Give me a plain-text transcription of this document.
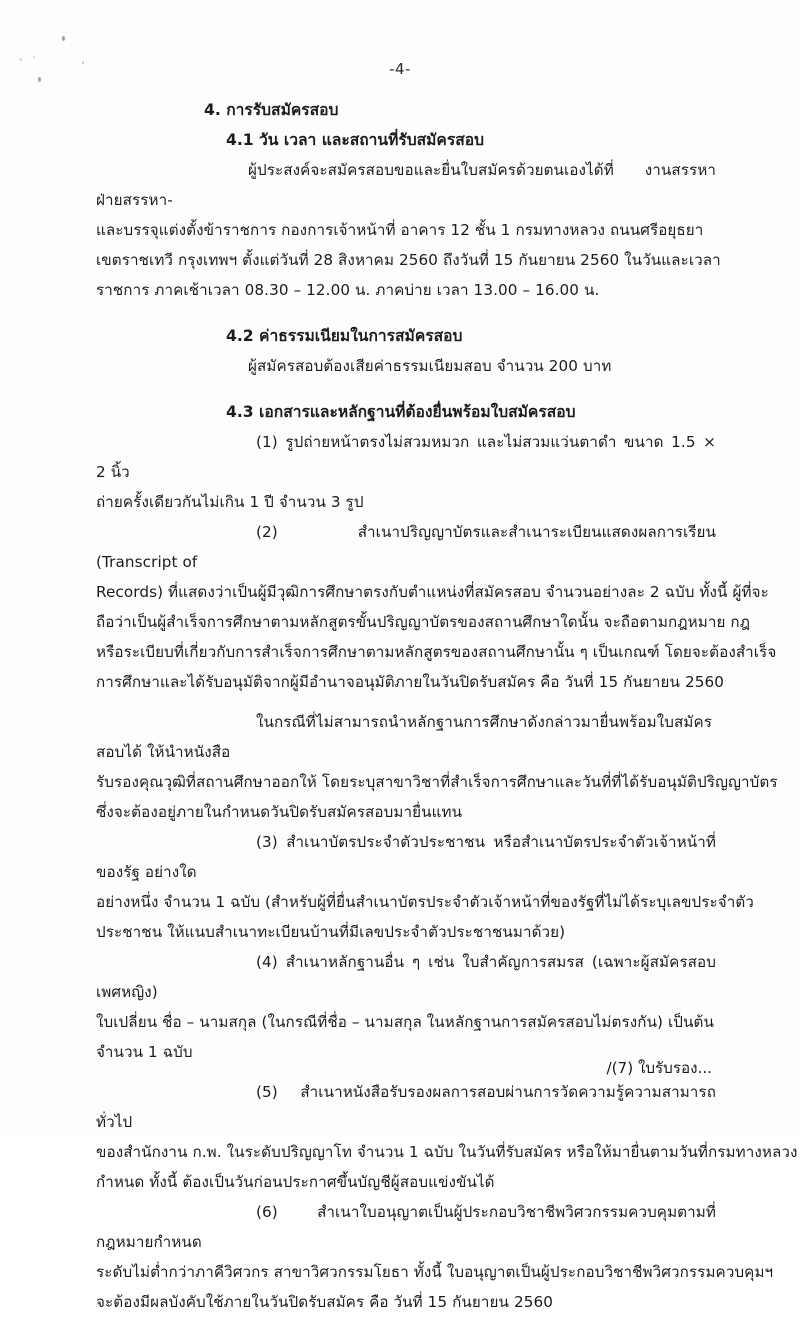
-4-
4. การรับสมัครสอบ
4.1 วัน เวลา และสถานที่รับสมัครสอบ
ผู้ประสงค์จะสมัครสอบขอและยื่นใบสมัครด้วยตนเองได้ที่ งานสรรหา ฝ่ายสรรหา-
และบรรจุแต่งตั้งข้าราชการ กองการเจ้าหน้าที่ อาคาร 12 ชั้น 1 กรมทางหลวง ถนนศรีอยุธยา
เขตราชเทวี กรุงเทพฯ ตั้งแต่วันที่ 28 สิงหาคม 2560 ถึงวันที่ 15 กันยายน 2560 ในวันและเวลา
ราชการ ภาคเช้าเวลา 08.30 – 12.00 น. ภาคบ่าย เวลา 13.00 – 16.00 น.
4.2 ค่าธรรมเนียมในการสมัครสอบ
ผู้สมัครสอบต้องเสียค่าธรรมเนียมสอบ จำนวน 200 บาท
4.3 เอกสารและหลักฐานที่ต้องยื่นพร้อมใบสมัครสอบ
(1) รูปถ่ายหน้าตรงไม่สวมหมวก และไม่สวมแว่นตาดำ ขนาด 1.5 × 2 นิ้ว
ถ่ายครั้งเดียวกันไม่เกิน 1 ปี จำนวน 3 รูป
(2) สำเนาปริญญาบัตรและสำเนาระเบียนแสดงผลการเรียน (Transcript of
Records) ที่แสดงว่าเป็นผู้มีวุฒิการศึกษาตรงกับตำแหน่งที่สมัครสอบ จำนวนอย่างละ 2 ฉบับ ทั้งนี้ ผู้ที่จะ
ถือว่าเป็นผู้สำเร็จการศึกษาตามหลักสูตรขั้นปริญญาบัตรของสถานศึกษาใดนั้น จะถือตามกฎหมาย กฎ
หรือระเบียบที่เกี่ยวกับการสำเร็จการศึกษาตามหลักสูตรของสถานศึกษานั้น ๆ เป็นเกณฑ์ โดยจะต้องสำเร็จ
การศึกษาและได้รับอนุมัติจากผู้มีอำนาจอนุมัติภายในวันปิดรับสมัคร คือ วันที่ 15 กันยายน 2560
ในกรณีที่ไม่สามารถนำหลักฐานการศึกษาดังกล่าวมายื่นพร้อมใบสมัครสอบได้ ให้นำหนังสือ
รับรองคุณวุฒิที่สถานศึกษาออกให้ โดยระบุสาขาวิชาที่สำเร็จการศึกษาและวันที่ที่ได้รับอนุมัติปริญญาบัตร
ซึ่งจะต้องอยู่ภายในกำหนดวันปิดรับสมัครสอบมายื่นแทน
(3) สำเนาบัตรประจำตัวประชาชน หรือสำเนาบัตรประจำตัวเจ้าหน้าที่ของรัฐ อย่างใด
อย่างหนึ่ง จำนวน 1 ฉบับ (สำหรับผู้ที่ยื่นสำเนาบัตรประจำตัวเจ้าหน้าที่ของรัฐที่ไม่ได้ระบุเลขประจำตัว
ประชาชน ให้แนบสำเนาทะเบียนบ้านที่มีเลขประจำตัวประชาชนมาด้วย)
(4) สำเนาหลักฐานอื่น ๆ เช่น ใบสำคัญการสมรส (เฉพาะผู้สมัครสอบเพศหญิง)
ใบเปลี่ยน ชื่อ – นามสกุล (ในกรณีที่ชื่อ – นามสกุล ในหลักฐานการสมัครสอบไม่ตรงกัน) เป็นต้น
จำนวน 1 ฉบับ
(5) สำเนาหนังสือรับรองผลการสอบผ่านการวัดความรู้ความสามารถทั่วไป
ของสำนักงาน ก.พ. ในระดับปริญญาโท จำนวน 1 ฉบับ ในวันที่รับสมัคร หรือให้มายื่นตามวันที่กรมทางหลวง
กำหนด ทั้งนี้ ต้องเป็นวันก่อนประกาศขึ้นบัญชีผู้สอบแข่งขันได้
(6) สำเนาใบอนุญาตเป็นผู้ประกอบวิชาชีพวิศวกรรมควบคุมตามที่กฎหมายกำหนด
ระดับไม่ต่ำกว่าภาคีวิศวกร สาขาวิศวกรรมโยธา ทั้งนี้ ใบอนุญาตเป็นผู้ประกอบวิชาชีพวิศวกรรมควบคุมฯ
จะต้องมีผลบังคับใช้ภายในวันปิดรับสมัคร คือ วันที่ 15 กันยายน 2560
/(7) ใบรับรอง...
